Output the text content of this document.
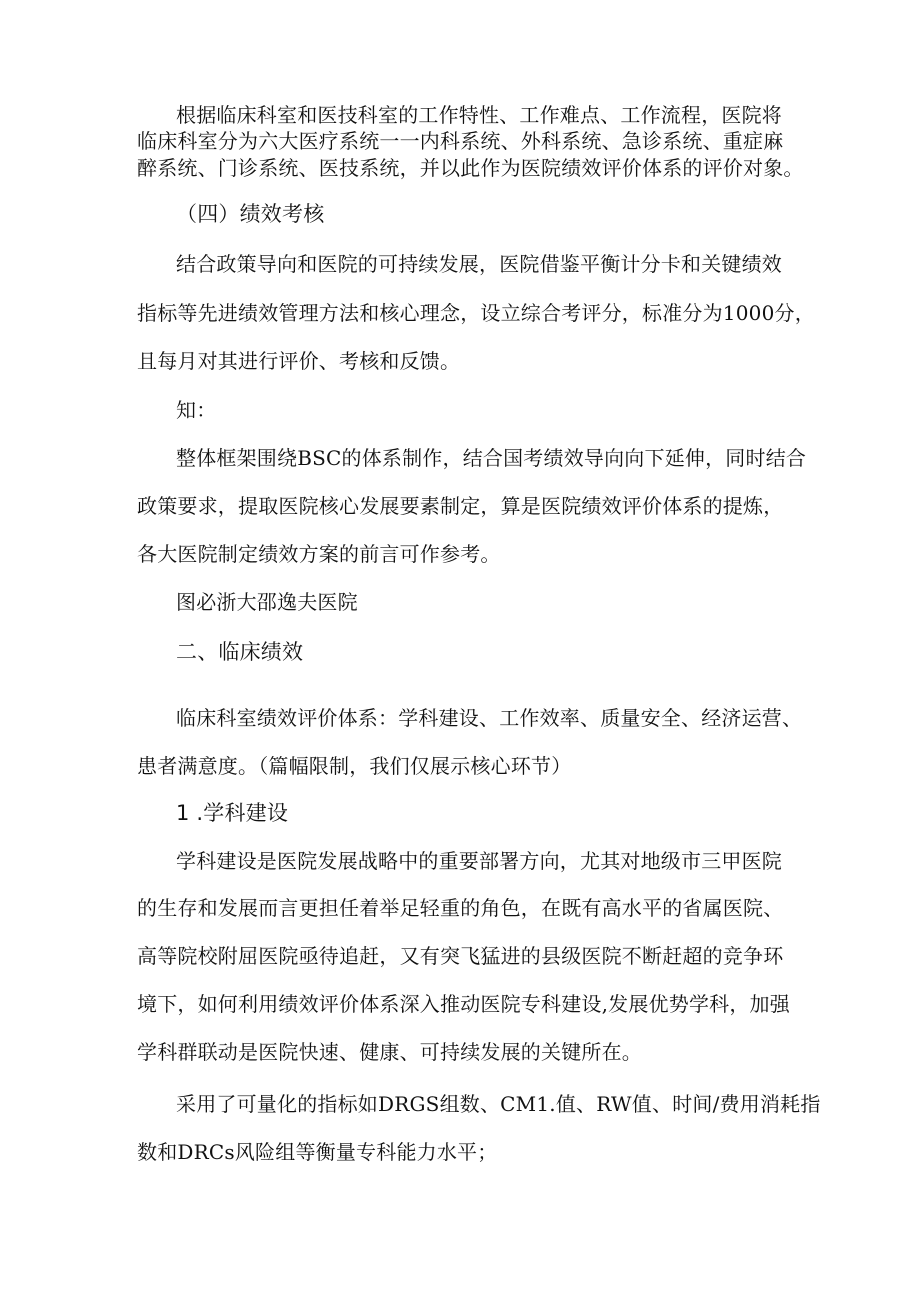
根据临床科室和医技科室的工作特性、工作难点、工作流程，医院将
临床科室分为六大医疗系统一一内科系统、外科系统、急诊系统、重症麻
醉系统、门诊系统、医技系统，并以此作为医院绩效评价体系的评价对象。
（四）绩效考核
结合政策导向和医院的可持续发展，医院借鉴平衡计分卡和关键绩效
指标等先进绩效管理方法和核心理念，设立综合考评分，标准分为1000分，
且每月对其进行评价、考核和反馈。
知：
整体框架围绕BSC的体系制作，结合国考绩效导向向下延伸，同时结合
政策要求，提取医院核心发展要素制定，算是医院绩效评价体系的提炼，
各大医院制定绩效方案的前言可作参考。
图必浙大邵逸夫医院
二、临床绩效
临床科室绩效评价体系：学科建设、工作效率、质量安全、经济运营、
患者满意度。（篇幅限制，我们仅展示核心环节）
1 .学科建设
学科建设是医院发展战略中的重要部署方向，尤其对地级市三甲医院
的生存和发展而言更担任着举足轻重的角色，在既有高水平的省属医院、
高等院校附屈医院亟待追赶，又有突飞猛进的县级医院不断赶超的竞争环
境下，如何利用绩效评价体系深入推动医院专科建设,发展优势学科，加强
学科群联动是医院快速、健康、可持续发展的关键所在。
采用了可量化的指标如DRGS组数、CM1.值、RW值、时间/费用消耗指
数和DRCs风险组等衡量专科能力水平；
